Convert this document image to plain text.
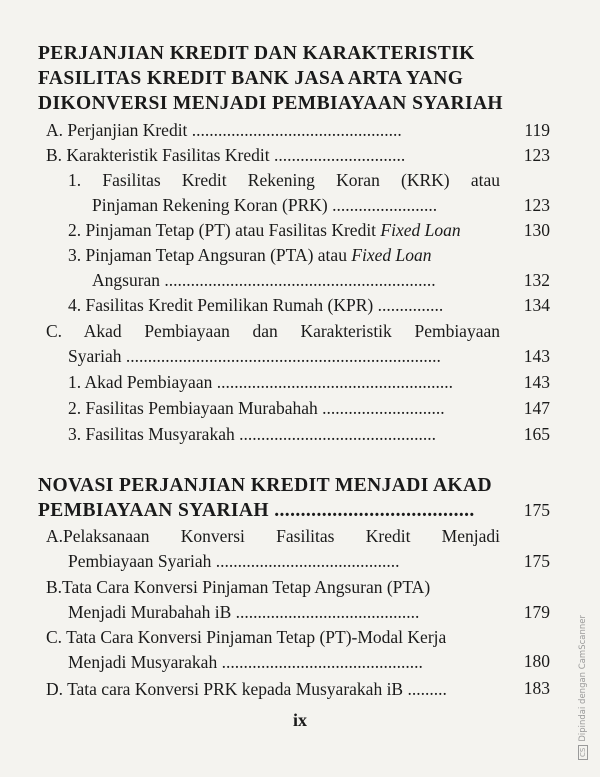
PERJANJIAN KREDIT DAN KARAKTERISTIK
FASILITAS KREDIT BANK JASA ARTA YANG
DIKONVERSI MENJADI PEMBIAYAAN SYARIAH
A. Perjanjian Kredit ................................................	119
B. Karakteristik Fasilitas Kredit ..............................	123
1. Fasilitas Kredit Rekening Koran (KRK) atau
Pinjaman Rekening Koran (PRK) ........................	123
2. Pinjaman Tetap (PT) atau Fasilitas Kredit Fixed Loan	130
3. Pinjaman Tetap Angsuran (PTA) atau Fixed Loan
Angsuran ..............................................................	132
4. Fasilitas Kredit Pemilikan Rumah (KPR) ...............	134
C. Akad Pembiayaan dan Karakteristik Pembiayaan
Syariah ........................................................................	143
1. Akad Pembiayaan ......................................................	143
2. Fasilitas Pembiayaan Murabahah ............................	147
3. Fasilitas Musyarakah .............................................	165
NOVASI PERJANJIAN KREDIT MENJADI AKAD
PEMBIAYAAN SYARIAH ......................................	175
A.Pelaksanaan Konversi Fasilitas Kredit Menjadi
Pembiayaan Syariah ..........................................	175
B.Tata Cara Konversi Pinjaman Tetap Angsuran (PTA)
Menjadi Murabahah iB ..........................................	179
C. Tata Cara Konversi Pinjaman Tetap (PT)-Modal Kerja
Menjadi Musyarakah ..............................................	180
D. Tata cara Konversi PRK kepada Musyarakah iB .........	183
ix
CSDipindai dengan CamScanner
